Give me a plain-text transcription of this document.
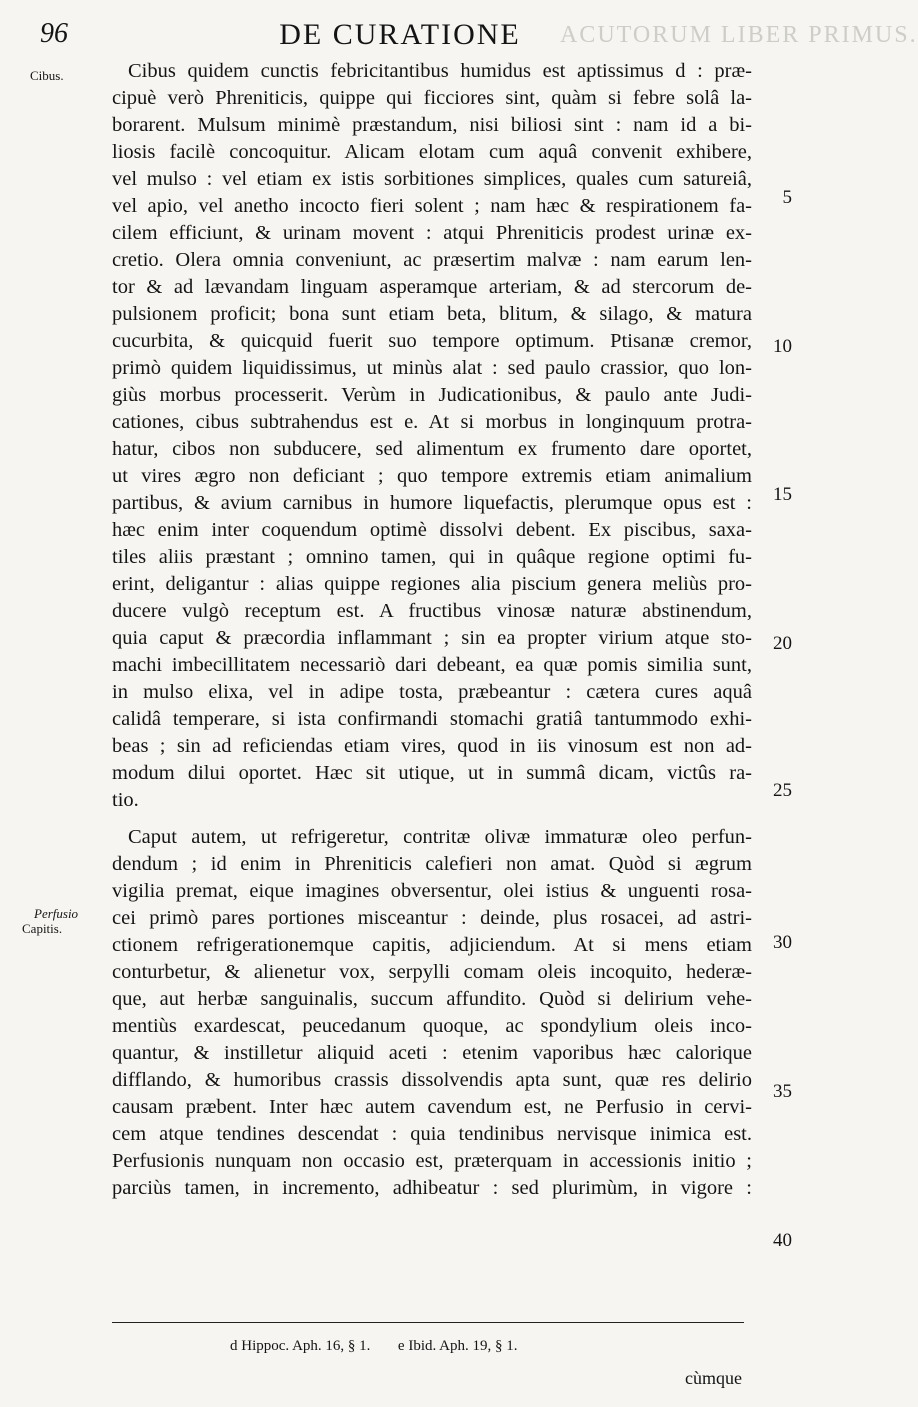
96	DE CURATIONE	ACUTORUM LIBER PRIMUS.
Cibus.
Perfusio
Capitis.
Cibus quidem cunctis febricitantibus humidus est aptissimus d : præ-
cipuè verò Phreniticis, quippe qui ficciores sint, quàm si febre solâ la-
borarent. Mulsum minimè præstandum, nisi biliosi sint : nam id a bi-
liosis facilè concoquitur. Alicam elotam cum aquâ convenit exhibere,
vel mulso : vel etiam ex istis sorbitiones simplices, quales cum satureiâ,
vel apio, vel anetho incocto fieri solent ; nam hæc & respirationem fa-
cilem efficiunt, & urinam movent : atqui Phreniticis prodest urinæ ex-
cretio. Olera omnia conveniunt, ac præsertim malvæ : nam earum len-
tor & ad lævandam linguam asperamque arteriam, & ad stercorum de-
pulsionem proficit; bona sunt etiam beta, blitum, & silago, & matura
cucurbita, & quicquid fuerit suo tempore optimum. Ptisanæ cremor,
primò quidem liquidissimus, ut minùs alat : sed paulo crassior, quo lon-
giùs morbus processerit. Verùm in Judicationibus, & paulo ante Judi-
cationes, cibus subtrahendus est e. At si morbus in longinquum protra-
hatur, cibos non subducere, sed alimentum ex frumento dare oportet,
ut vires ægro non deficiant ; quo tempore extremis etiam animalium
partibus, & avium carnibus in humore liquefactis, plerumque opus est :
hæc enim inter coquendum optimè dissolvi debent. Ex piscibus, saxa-
tiles aliis præstant ; omnino tamen, qui in quâque regione optimi fu-
erint, deligantur : alias quippe regiones alia piscium genera meliùs pro-
ducere vulgò receptum est. A fructibus vinosæ naturæ abstinendum,
quia caput & præcordia inflammant ; sin ea propter virium atque sto-
machi imbecillitatem necessariò dari debeant, ea quæ pomis similia sunt,
in mulso elixa, vel in adipe tosta, præbeantur : cætera cures aquâ
calidâ temperare, si ista confirmandi stomachi gratiâ tantummodo exhi-
beas ; sin ad reficiendas etiam vires, quod in iis vinosum est non ad-
modum dilui oportet. Hæc sit utique, ut in summâ dicam, victûs ra-
tio.
Caput autem, ut refrigeretur, contritæ olivæ immaturæ oleo perfun-
dendum ; id enim in Phreniticis calefieri non amat. Quòd si ægrum
vigilia premat, eique imagines obversentur, olei istius & unguenti rosa-
cei primò pares portiones misceantur : deinde, plus rosacei, ad astri-
ctionem refrigerationemque capitis, adjiciendum. At si mens etiam
conturbetur, & alienetur vox, serpylli comam oleis incoquito, hederæ-
que, aut herbæ sanguinalis, succum affundito. Quòd si delirium vehe-
mentiùs exardescat, peucedanum quoque, ac spondylium oleis inco-
quantur, & instilletur aliquid aceti : etenim vaporibus hæc calorique
difflando, & humoribus crassis dissolvendis apta sunt, quæ res delirio
causam præbent. Inter hæc autem cavendum est, ne Perfusio in cervi-
cem atque tendines descendat : quia tendinibus nervisque inimica est.
Perfusionis nunquam non occasio est, præterquam in accessionis initio ;
parciùs tamen, in incremento, adhibeatur : sed plurimùm, in vigore :
5
10
15
20
25
30
35
40
d Hippoc. Aph. 16, § 1. e Ibid. Aph. 19, § 1.
cùmque
